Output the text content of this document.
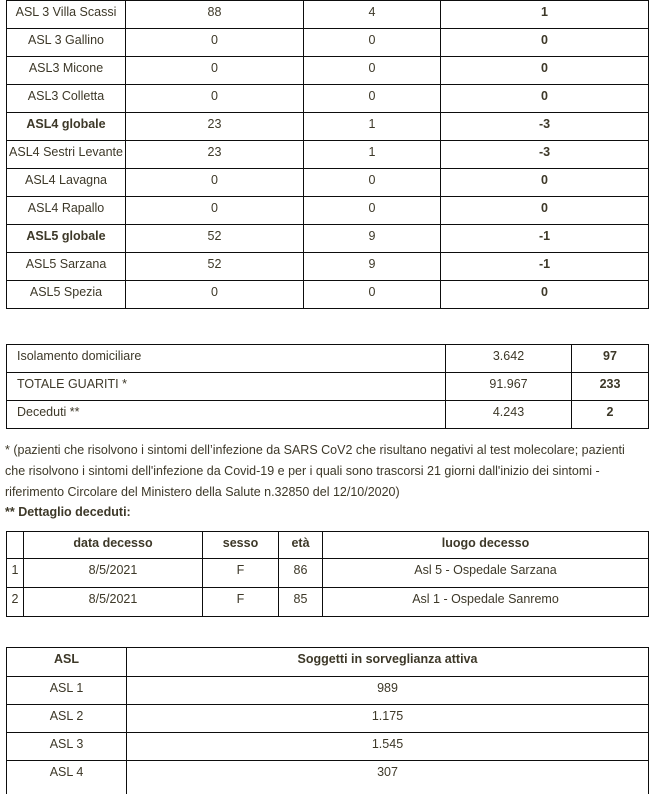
ASL 3 Villa Scassi	88	4	1
ASL 3 Gallino	0	0	0
ASL3 Micone	0	0	0
ASL3 Colletta	0	0	0
ASL4 globale	23	1	-3
ASL4 Sestri Levante	23	1	-3
ASL4 Lavagna	0	0	0
ASL4 Rapallo	0	0	0
ASL5 globale	52	9	-1
ASL5 Sarzana	52	9	-1
ASL5 Spezia	0	0	0
Isolamento domiciliare	3.642	97
TOTALE GUARITI *	91.967	233
Deceduti **	4.243	2
* (pazienti che risolvono i sintomi dell’infezione da SARS CoV2 che risultano negativi al test molecolare; pazienti
che risolvono i sintomi dell'infezione da Covid-19 e per i quali sono trascorsi 21 giorni dall'inizio dei sintomi -
riferimento Circolare del Ministero della Salute n.32850 del 12/10/2020)
** Dettaglio deceduti:
	data decesso	sesso	età	luogo decesso
1	8/5/2021	F	86	Asl 5 - Ospedale Sarzana
2	8/5/2021	F	85	Asl 1 - Ospedale Sanremo
ASL	Soggetti in sorveglianza attiva
ASL 1	989
ASL 2	1.175
ASL 3	1.545
ASL 4	307
